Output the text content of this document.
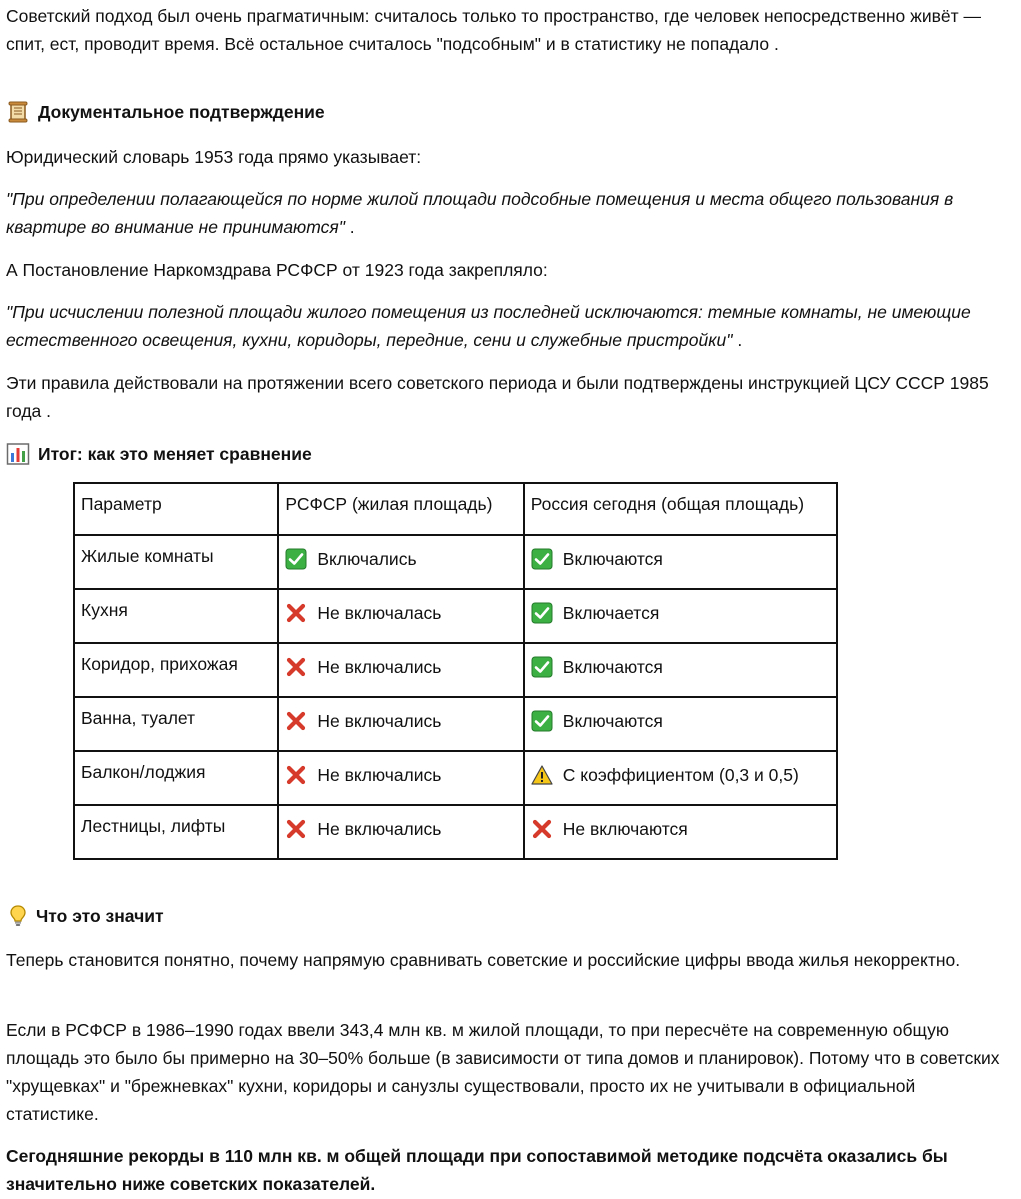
Советский подход был очень прагматичным: считалось только то пространство, где человек непосредственно живёт — спит, ест, проводит время. Всё остальное считалось "подсобным" и в статистику не попадало .

Документальное подтверждение

Юридический словарь 1953 года прямо указывает:

"При определении полагающейся по норме жилой площади подсобные помещения и места общего пользования в квартире во внимание не принимаются" .

А Постановление Наркомздрава РСФСР от 1923 года закрепляло:

"При исчислении полезной площади жилого помещения из последней исключаются: темные комнаты, не имеющие естественного освещения, кухни, коридоры, передние, сени и служебные пристройки" .

Эти правила действовали на протяжении всего советского периода и были подтверждены инструкцией ЦСУ СССР 1985 года .

Итог: как это меняет сравнение
Параметр	РСФСР (жилая площадь)	Россия сегодня (общая площадь)
Жилые комнаты	Включались	Включаются

Кухня	Не включалась	Включается

Коридор, прихожая	Не включались	Включаются

Ванна, туалет	Не включались	Включаются

Балкон/лоджия	Не включались	С коэффициентом (0,3 и 0,5)

Лестницы, лифты	Не включались	Не включаются
Что это значит

Теперь становится понятно, почему напрямую сравнивать советские и российские цифры ввода жилья некорректно.

Если в РСФСР в 1986–1990 годах ввели 343,4 млн кв. м жилой площади, то при пересчёте на современную общую площадь это было бы примерно на 30–50% больше (в зависимости от типа домов и планировок). Потому что в советских "хрущевках" и "брежневках" кухни, коридоры и санузлы существовали, просто их не учитывали в официальной статистике.

Сегодняшние рекорды в 110 млн кв. м общей площади при сопоставимой методике подсчёта оказались бы значительно ниже советских показателей.
